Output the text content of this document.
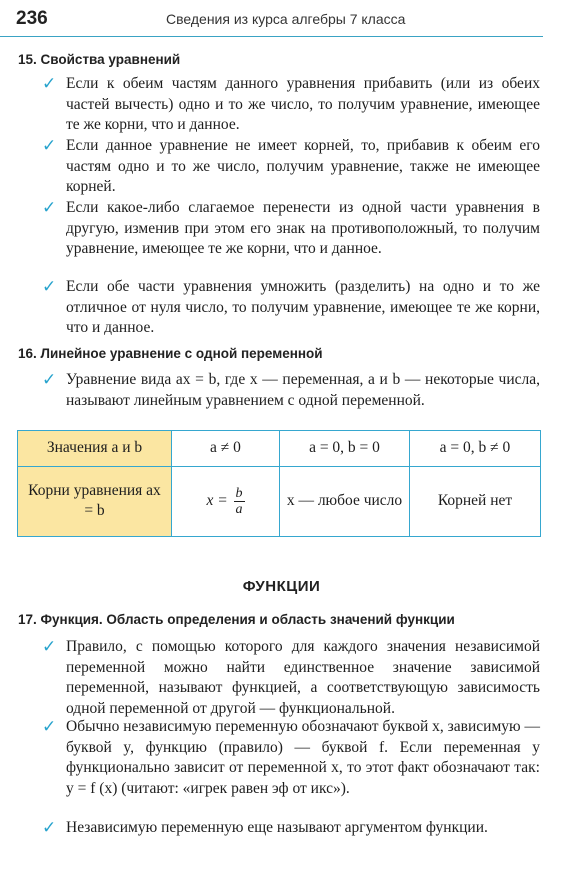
236	Сведения из курса алгебры 7 класса
15. Свойства уравнений
✓ Если к обеим частям данного уравнения прибавить (или из обеих частей вычесть) одно и то же число, то получим уравнение, имеющее те же корни, что и данное.
✓ Если данное уравнение не имеет корней, то, прибавив к обеим его частям одно и то же число, получим уравнение, также не имеющее корней.
✓ Если какое-либо слагаемое перенести из одной части уравнения в другую, изменив при этом его знак на противоположный, то получим уравнение, имеющее те же корни, что и данное.
✓ Если обе части уравнения умножить (разделить) на одно и то же отличное от нуля число, то получим уравнение, имеющее те же корни, что и данное.
16. Линейное уравнение с одной переменной
✓ Уравнение вида ax = b, где x — переменная, a и b — некоторые числа, называют линейным уравнением с одной переменной.
Значения a и b	a ≠ 0	a = 0, b = 0	a = 0, b ≠ 0
Корни уравнения ax = b	$x = \frac{b}{a}$	x — любое число	Корней нет
ФУНКЦИИ
17. Функция. Область определения и область значений функции
✓ Правило, с помощью которого для каждого значения независимой переменной можно найти единственное значение зависимой переменной, называют функцией, а соответствующую зависимость одной переменной от другой — функциональной.
✓ Обычно независимую переменную обозначают буквой x, зависимую — буквой y, функцию (правило) — буквой f. Если переменная y функционально зависит от переменной x, то этот факт обозначают так: y = f (x) (читают: «игрек равен эф от икс»).
✓ Независимую переменную еще называют аргументом функции.
